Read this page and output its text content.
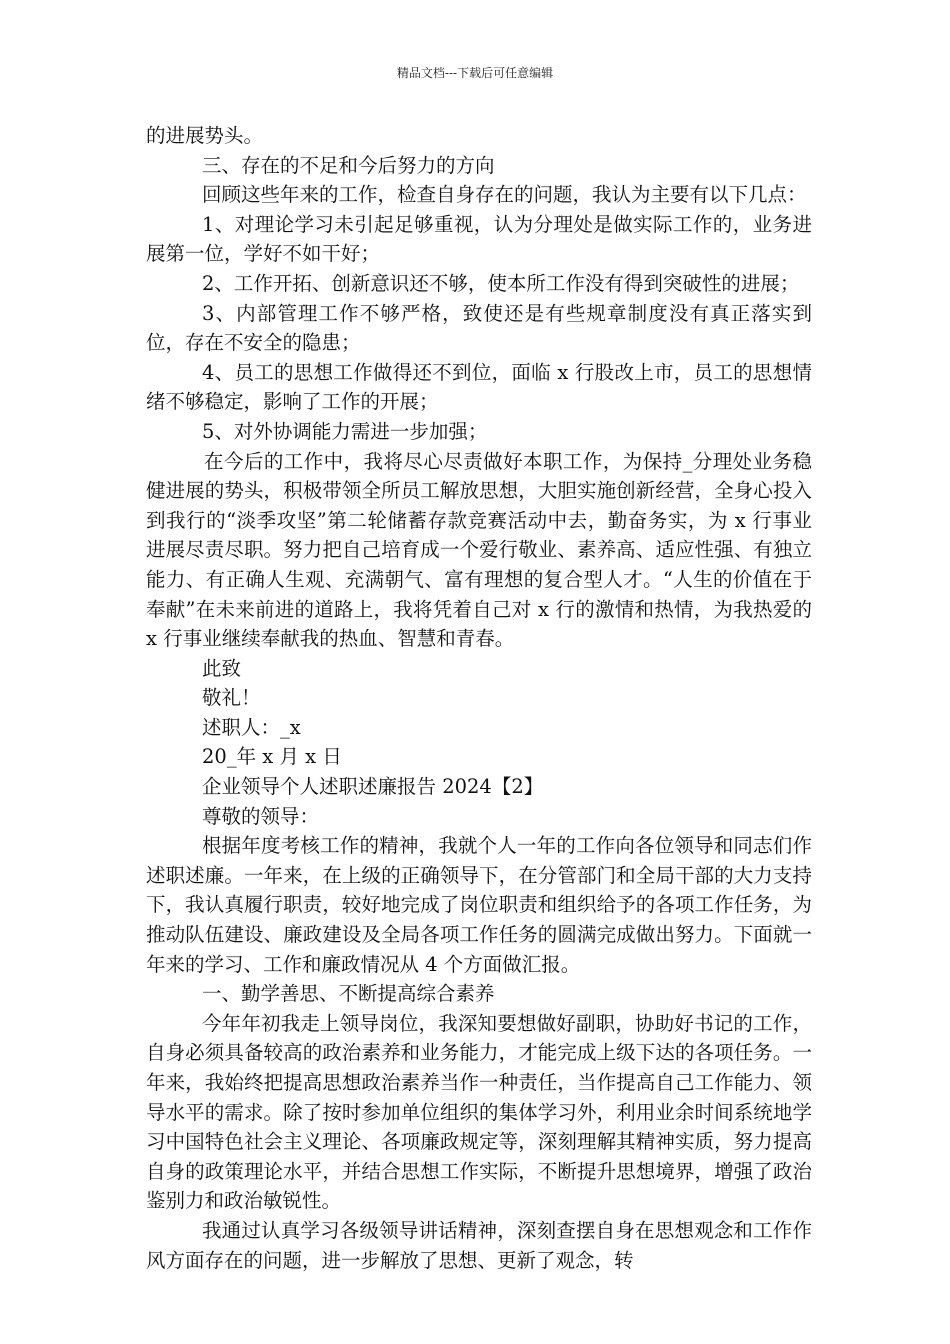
精品文档---下载后可任意编辑

的进展势头。

三、存在的不足和今后努力的方向

回顾这些年来的工作，检查自身存在的问题，我认为主要有以下几点：

1、对理论学习未引起足够重视，认为分理处是做实际工作的，业务进展第一位，学好不如干好；

2、工作开拓、创新意识还不够，使本所工作没有得到突破性的进展；

3、内部管理工作不够严格，致使还是有些规章制度没有真正落实到位，存在不安全的隐患；

4、员工的思想工作做得还不到位，面临 x 行股改上市，员工的思想情绪不够稳定，影响了工作的开展；

5、对外协调能力需进一步加强；

在今后的工作中，我将尽心尽责做好本职工作，为保持_分理处业务稳健进展的势头，积极带领全所员工解放思想，大胆实施创新经营，全身心投入到我行的“淡季攻坚”第二轮储蓄存款竞赛活动中去，勤奋务实，为 x 行事业进展尽责尽职。努力把自己培育成一个爱行敬业、素养高、适应性强、有独立能力、有正确人生观、充满朝气、富有理想的复合型人才。“人生的价值在于奉献”在未来前进的道路上，我将凭着自己对 x 行的激情和热情，为我热爱的 x 行事业继续奉献我的热血、智慧和青春。

此致

敬礼！

述职人：_x

20_年 x 月 x 日

企业领导个人述职述廉报告 2024【2】

尊敬的领导：

根据年度考核工作的精神，我就个人一年的工作向各位领导和同志们作述职述廉。一年来，在上级的正确领导下，在分管部门和全局干部的大力支持下，我认真履行职责，较好地完成了岗位职责和组织给予的各项工作任务，为推动队伍建设、廉政建设及全局各项工作任务的圆满完成做出努力。下面就一年来的学习、工作和廉政情况从 4 个方面做汇报。

一、勤学善思、不断提高综合素养

今年年初我走上领导岗位，我深知要想做好副职，协助好书记的工作，自身必须具备较高的政治素养和业务能力，才能完成上级下达的各项任务。一年来，我始终把提高思想政治素养当作一种责任，当作提高自己工作能力、领导水平的需求。除了按时参加单位组织的集体学习外，利用业余时间系统地学习中国特色社会主义理论、各项廉政规定等，深刻理解其精神实质，努力提高自身的政策理论水平，并结合思想工作实际，不断提升思想境界，增强了政治鉴别力和政治敏锐性。

我通过认真学习各级领导讲话精神，深刻查摆自身在思想观念和工作作风方面存在的问题，进一步解放了思想、更新了观念，转
